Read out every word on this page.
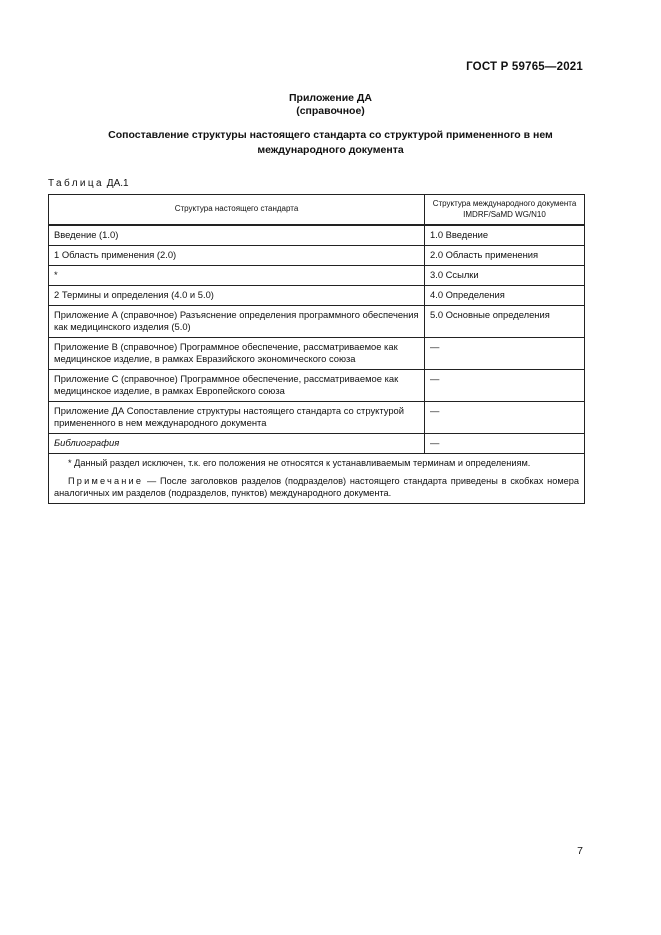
ГОСТ Р 59765—2021
Приложение ДА
(справочное)
Сопоставление структуры настоящего стандарта со структурой примененного в нем международного документа
Таблица ДА.1
Структура настоящего стандарта	Структура международного документа IMDRF/SaMD WG/N10
Введение (1.0)	1.0 Введение
1 Область применения (2.0)	2.0 Область применения
*	3.0 Ссылки
2 Термины и определения (4.0 и 5.0)	4.0 Определения
Приложение А (справочное) Разъяснение определения программного обеспечения как медицинского изделия (5.0)	5.0 Основные определения
Приложение В (справочное) Программное обеспечение, рассматриваемое как медицинское изделие, в рамках Евразийского экономического союза	—
Приложение С (справочное) Программное обеспечение, рассматриваемое как медицинское изделие, в рамках Европейского союза	—
Приложение ДА Сопоставление структуры настоящего стандарта со структурой примененного в нем международного документа	—
Библиография	—

* Данный раздел исключен, т.к. его положения не относятся к устанавливаемым терминам и определениям.
Примечание — После заголовков разделов (подразделов) настоящего стандарта приведены в скобках номера аналогичных им разделов (подразделов, пунктов) международного документа.	
7
